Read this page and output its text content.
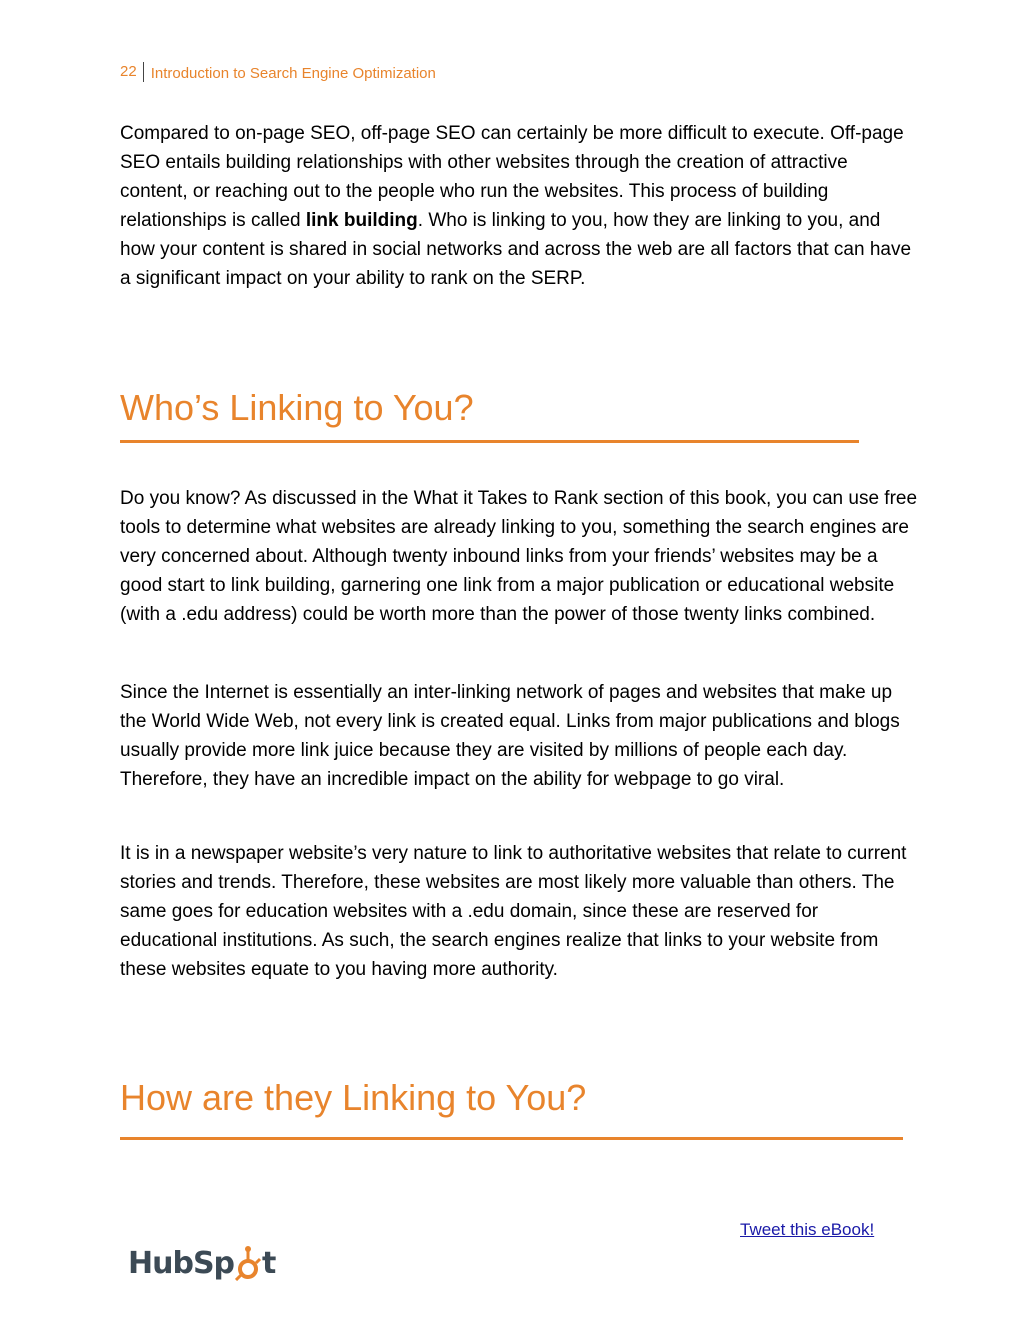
22 Introduction to Search Engine Optimization

Compared to on-page SEO, off-page SEO can certainly be more difficult to execute. Off-page SEO entails building relationships with other websites through the creation of attractive content, or reaching out to the people who run the websites. This process of building relationships is called link building. Who is linking to you, how they are linking to you, and how your content is shared in social networks and across the web are all factors that can have a significant impact on your ability to rank on the SERP.

Who’s Linking to You?

Do you know? As discussed in the What it Takes to Rank section of this book, you can use free tools to determine what websites are already linking to you, something the search engines are very concerned about. Although twenty inbound links from your friends’ websites may be a good start to link building, garnering one link from a major publication or educational website (with a .edu address) could be worth more than the power of those twenty links combined.

Since the Internet is essentially an inter-linking network of pages and websites that make up the World Wide Web, not every link is created equal. Links from major publications and blogs usually provide more link juice because they are visited by millions of people each day. Therefore, they have an incredible impact on the ability for webpage to go viral.

It is in a newspaper website’s very nature to link to authoritative websites that relate to current stories and trends. Therefore, these websites are most likely more valuable than others. The same goes for education websites with a .edu domain, since these are reserved for educational institutions. As such, the search engines realize that links to your website from these websites equate to you having more authority.

How are they Linking to You?
Tweet this eBook!
HubSp t
